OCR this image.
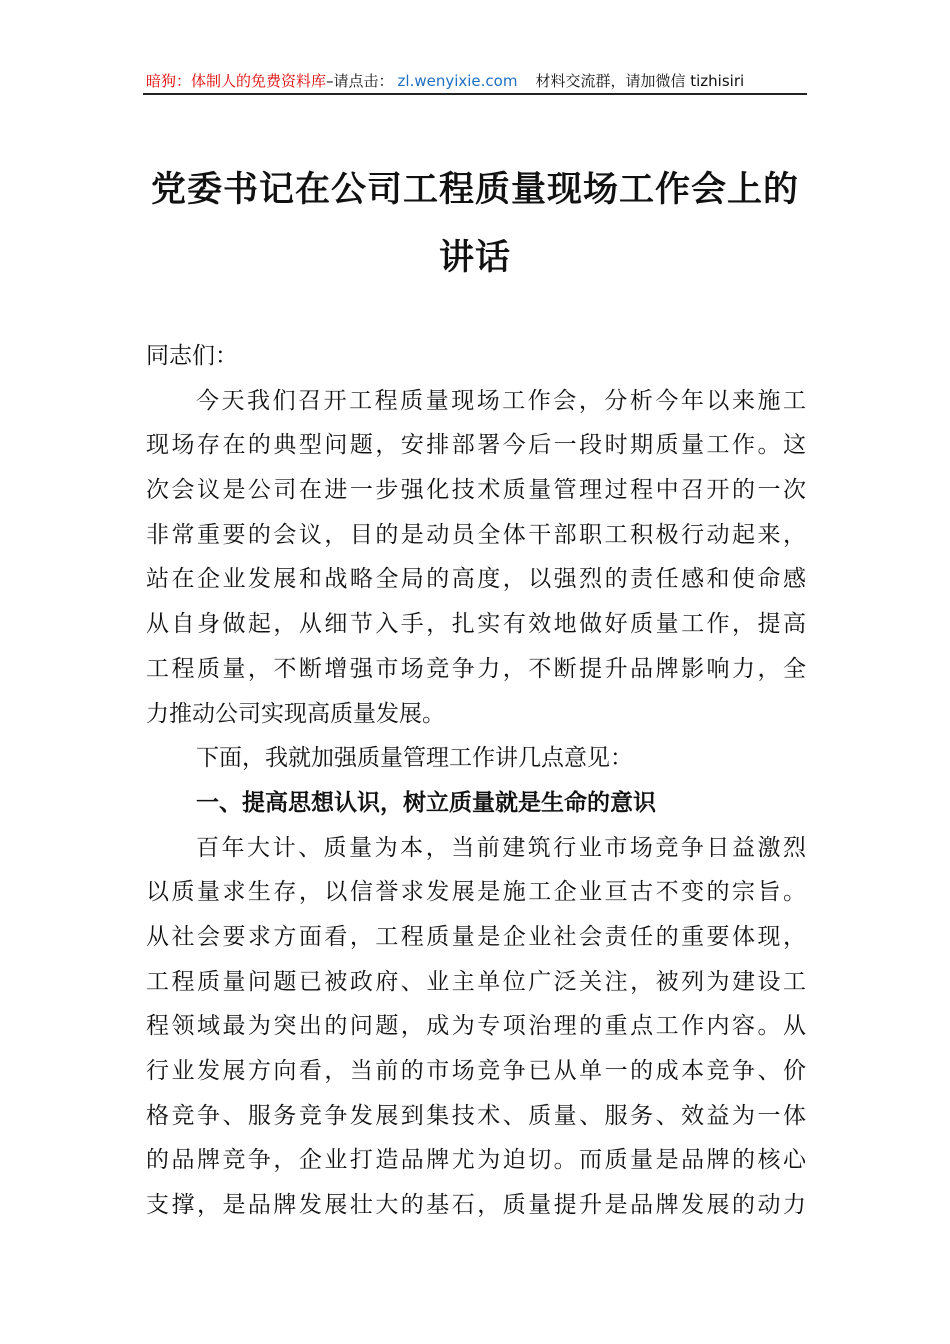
暗狗：体制人的免费资料库 –请点击： zl.wenyixie.com 材料交流群，请加微信 tizhisiri
党委书记在公司工程质量现场工作会上的
讲话
同志们：
今天我们召开工程质量现场工作会，分析今年以来施工
现场存在的典型问题，安排部署今后一段时期质量工作。这
次会议是公司在进一步强化技术质量管理过程中召开的一次
非常重要的会议，目的是动员全体干部职工积极行动起来，
站在企业发展和战略全局的高度，以强烈的责任感和使命感
从自身做起，从细节入手，扎实有效地做好质量工作，提高
工程质量，不断增强市场竞争力，不断提升品牌影响力，全
力推动公司实现高质量发展。
下面，我就加强质量管理工作讲几点意见：
一、提高思想认识，树立质量就是生命的意识
百年大计、质量为本，当前建筑行业市场竞争日益激烈
以质量求生存，以信誉求发展是施工企业亘古不变的宗旨。
从社会要求方面看，工程质量是企业社会责任的重要体现，
工程质量问题已被政府、业主单位广泛关注，被列为建设工
程领域最为突出的问题，成为专项治理的重点工作内容。从
行业发展方向看，当前的市场竞争已从单一的成本竞争、价
格竞争、服务竞争发展到集技术、质量、服务、效益为一体
的品牌竞争，企业打造品牌尤为迫切。而质量是品牌的核心
支撑，是品牌发展壮大的基石，质量提升是品牌发展的动力
